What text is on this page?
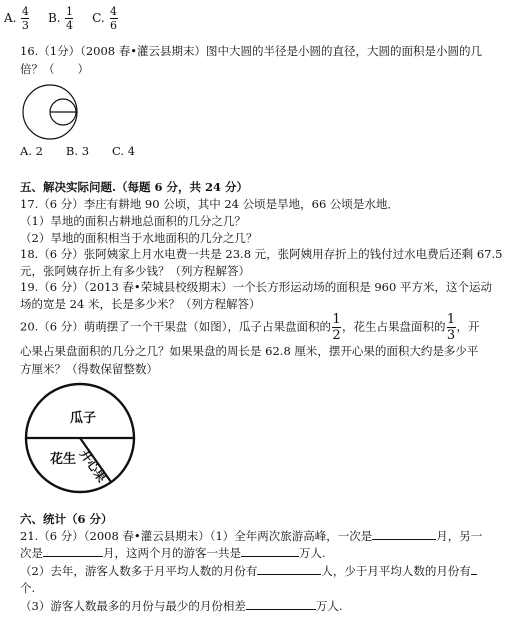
A. $\frac{4}{3} B$. $\frac{1}{4} C$. $\frac{4}{6}$
16.（1分）（2008 春•灌云县期末）图中大圆的半径是小圆的直径，大圆的面积是小圆的几
倍？（　　）
A. 2　　B. 3　　C. 4
五、解决实际问题.（每题 6 分，共 24 分）
17.（6 分）李庄有耕地 90 公顷，其中 24 公顷是旱地，66 公顷是水地．
（1）旱地的面积占耕地总面积的几分之几？
（2）旱地的面积相当于水地面积的几分之几？
18.（6 分）张阿姨家上月水电费一共是 23.8 元，张阿姨用存折上的钱付过水电费后还剩 67.5
元，张阿姨存折上有多少钱？（列方程解答）
19.（6 分）（2013 春•荣城县校级期末）一个长方形运动场的面积是 960 平方米，这个运动
场的宽是 24 米，长是多少米？（列方程解答）
20.（6 分）萌萌摆了一个干果盘（如图），瓜子占果盘面积的 $\frac{1}{2}$ ，花生占果盘面积的 $\frac{1}{3}$ ，开
心果占果盘面积的几分之几？如果果盘的周长是 62.8 厘米，摆开心果的面积大约是多少平
方厘米？（得数保留整数）
瓜子
花生 开心果
六、统计（6 分）
21.（6 分）（2008 春•灌云县期末）（1）全年两次旅游高峰，一次是	月，另一
次是	月，这两个月的游客一共是	万人.
（2）去年，游客人数多于月平均人数的月份有	人，少于月平均人数的月份有
个.
（3）游客人数最多的月份与最少的月份相差	万人.
